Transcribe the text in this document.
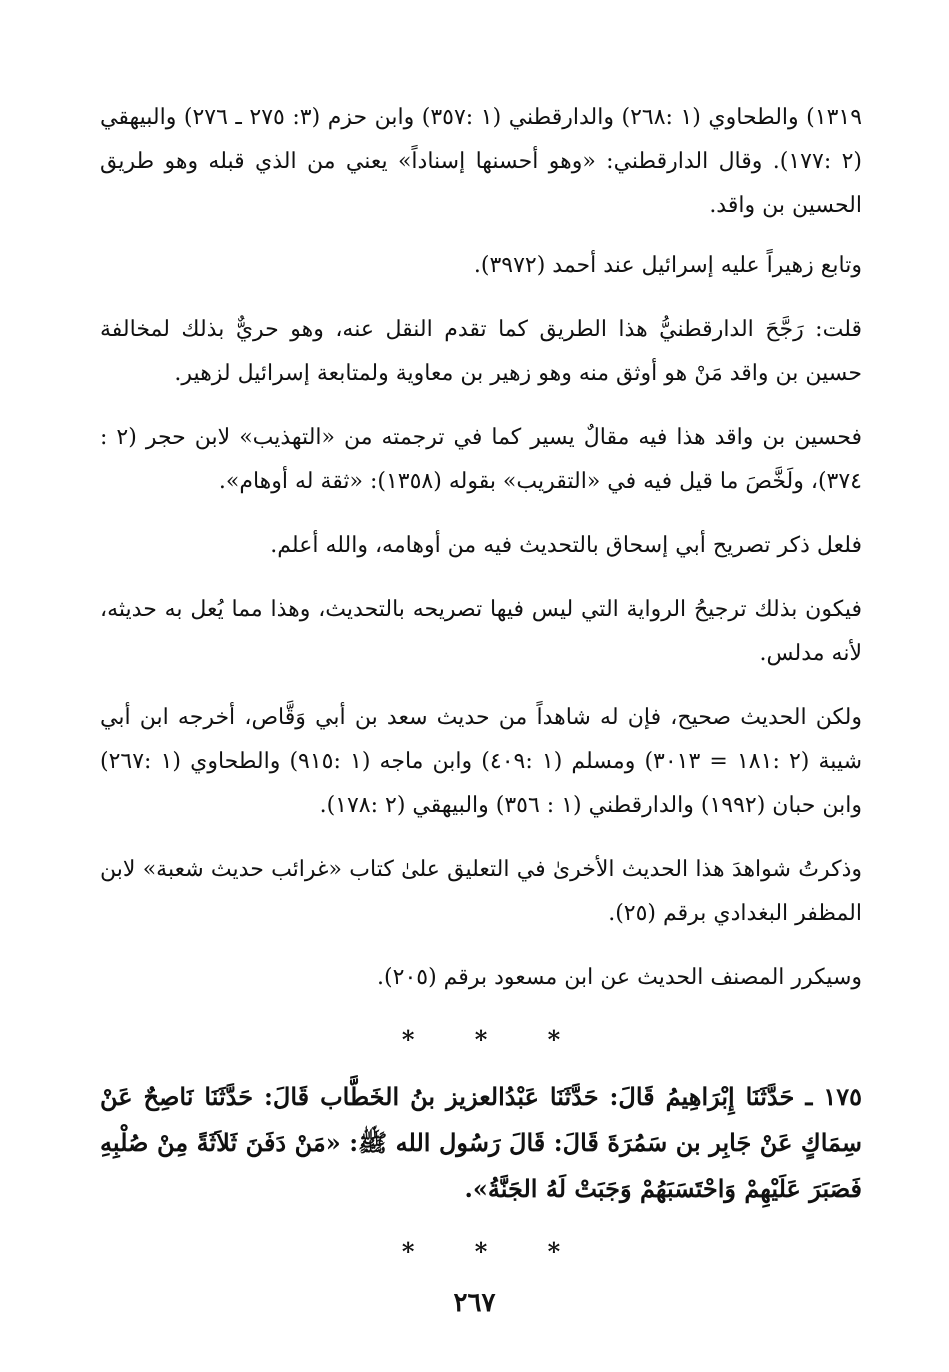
١٣١٩) والطحاوي (١ :٢٦٨) والدارقطني (١ :٣٥٧) وابن حزم (٣: ٢٧٥ ـ ٢٧٦) والبيهقي (٢ :١٧٧). وقال الدارقطني: «وهو أحسنها إسناداً» يعني من الذي قبله وهو طريق الحسين بن واقد.

وتابع زهيراً عليه إسرائيل عند أحمد (٣٩٧٢).

قلت: رَجَّحَ الدارقطنيُّ هذا الطريق كما تقدم النقل عنه، وهو حريٌّ بذلك لمخالفة حسين بن واقد مَنْ هو أوثق منه وهو زهير بن معاوية ولمتابعة إسرائيل لزهير.

فحسين بن واقد هذا فيه مقالٌ يسير كما في ترجمته من «التهذيب» لابن حجر (٢ : ٣٧٤)، ولَخَّصَ ما قيل فيه في «التقريب» بقوله (١٣٥٨): «ثقة له أوهام».

فلعل ذكر تصريح أبي إسحاق بالتحديث فيه من أوهامه، والله أعلم.

فيكون بذلك ترجيحُ الرواية التي ليس فيها تصريحه بالتحديث، وهذا مما يُعل به حديثه، لأنه مدلس.

ولكن الحديث صحيح، فإن له شاهداً من حديث سعد بن أبي وَقَّاص، أخرجه ابن أبي شيبة (٢ :١٨١ = ٣٠١٣) ومسلم (١ :٤٠٩) وابن ماجه (١ :٩١٥) والطحاوي (١ :٢٦٧) وابن حبان (١٩٩٢) والدارقطني (١ : ٣٥٦) والبيهقي (٢ :١٧٨).

وذكرتُ شواهدَ هذا الحديث الأخرىٰ في التعليق علىٰ كتاب «غرائب حديث شعبة» لابن المظفر البغدادي برقم (٢٥).

وسيكرر المصنف الحديث عن ابن مسعود برقم (٢٠٥).

* * *

١٧٥ ـ حَدَّثَنَا إِبْرَاهِيمُ قَالَ: حَدَّثَنَا عَبْدُالعزيز بنُ الخَطَّاب قَالَ: حَدَّثَنَا نَاصِحٌ عَنْ سِمَاكٍ عَنْ جَابِر بن سَمُرَةَ قَالَ: قَالَ رَسُول الله ﷺ: «مَنْ دَفَنَ ثَلاَثَةً مِنْ صُلْبِهِ فَصَبَرَ عَلَيْهِمْ وَاحْتَسَبَهُمْ وَجَبَتْ لَهُ الجَنَّةُ».

* * *
٢٦٧
